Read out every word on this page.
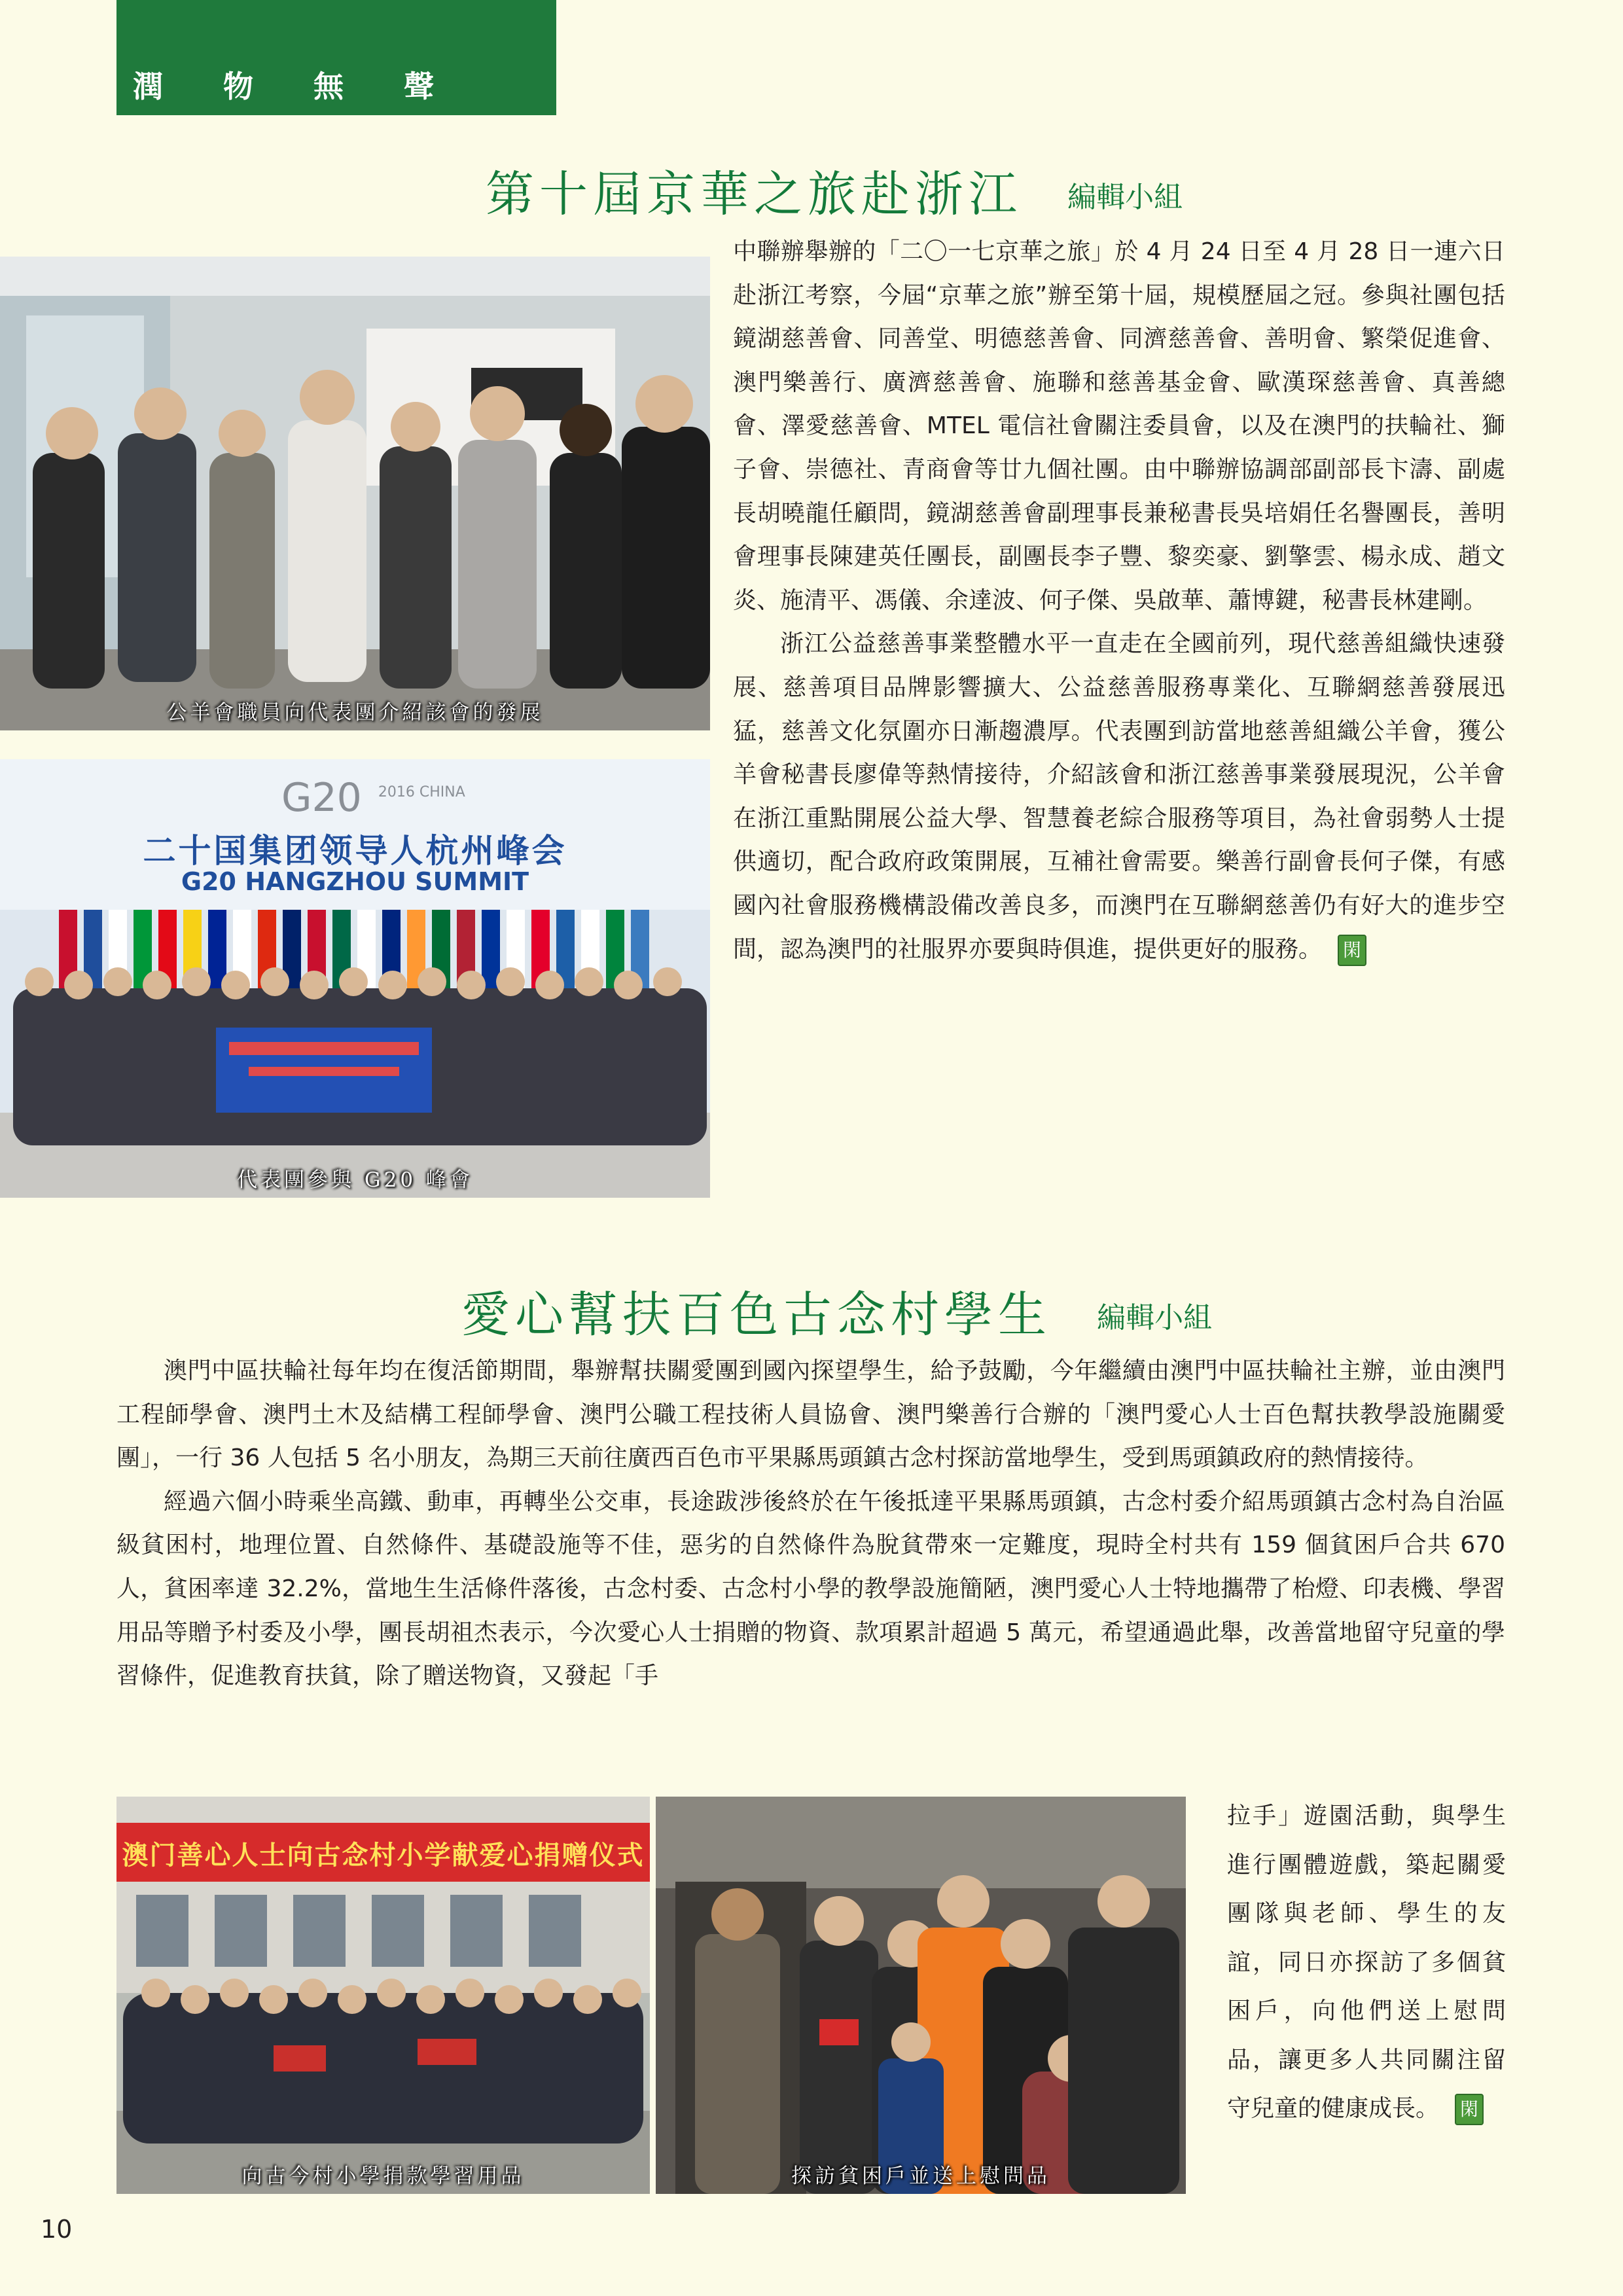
潤 物 無 聲
第十屆京華之旅赴浙江 編輯小組
公羊會職員向代表團介紹該會的發展
G20 $^{2016 CHINA}$
二十国集团领导人杭州峰会
G20 HANGZHOU SUMMIT
代表團參與 G20 峰會

中聯辦舉辦的「二〇一七京華之旅」於 4 月 24 日至 4 月 28 日一連六日赴浙江考察，今屆“京華之旅”辦至第十屆，規模歷屆之冠。參與社團包括鏡湖慈善會、同善堂、明德慈善會、同濟慈善會、善明會、繁榮促進會、澳門樂善行、廣濟慈善會、施聯和慈善基金會、歐漢琛慈善會、真善總會、澤愛慈善會、MTEL 電信社會關注委員會，以及在澳門的扶輪社、獅子會、崇德社、青商會等廿九個社團。由中聯辦協調部副部長卞濤、副處長胡曉龍任顧問，鏡湖慈善會副理事長兼秘書長吳培娟任名譽團長，善明會理事長陳建英任團長，副團長李子豐、黎奕豪、劉擎雲、楊永成、趙文炎、施清平、馮儀、余達波、何子傑、吳啟華、蕭博鍵，秘書長林建剛。

浙江公益慈善事業整體水平一直走在全國前列，現代慈善組織快速發展、慈善項目品牌影響擴大、公益慈善服務專業化、互聯網慈善發展迅猛，慈善文化氛圍亦日漸趨濃厚。代表團到訪當地慈善組織公羊會，獲公羊會秘書長廖偉等熱情接待，介紹該會和浙江慈善事業發展現況，公羊會在浙江重點開展公益大學、智慧養老綜合服務等項目，為社會弱勢人士提供適切，配合政府政策開展，互補社會需要。樂善行副會長何子傑，有感國內社會服務機構設備改善良多，而澳門在互聯網慈善仍有好大的進步空間，認為澳門的社服界亦要與時俱進，提供更好的服務。 閑

愛心幫扶百色古念村學生 編輯小組

澳門中區扶輪社每年均在復活節期間，舉辦幫扶關愛團到國內探望學生，給予鼓勵，今年繼續由澳門中區扶輪社主辦，並由澳門工程師學會、澳門土木及結構工程師學會、澳門公職工程技術人員協會、澳門樂善行合辦的「澳門愛心人士百色幫扶教學設施關愛團」，一行 36 人包括 5 名小朋友，為期三天前往廣西百色市平果縣馬頭鎮古念村探訪當地學生，受到馬頭鎮政府的熱情接待。

經過六個小時乘坐高鐵、動車，再轉坐公交車，長途跋涉後終於在午後抵達平果縣馬頭鎮，古念村委介紹馬頭鎮古念村為自治區級貧困村，地理位置、自然條件、基礎設施等不佳，惡劣的自然條件為脫貧帶來一定難度，現時全村共有 159 個貧困戶合共 670 人，貧困率達 32.2%，當地生生活條件落後，古念村委、古念村小學的教學設施簡陋，澳門愛心人士特地攜帶了枱燈、印表機、學習用品等贈予村委及小學，團長胡祖杰表示，今次愛心人士捐贈的物資、款項累計超過 5 萬元，希望通過此舉，改善當地留守兒童的學習條件，促進教育扶貧，除了贈送物資，又發起「手

澳门善心人士向古念村小学献爱心捐赠仪式
向古今村小學捐款學習用品	探訪貧困戶並送上慰問品

拉手」遊園活動，與學生進行團體遊戲，築起關愛團隊與老師、學生的友誼，同日亦探訪了多個貧困戶，向他們送上慰問品，讓更多人共同關注留守兒童的健康成長。 閑

10
